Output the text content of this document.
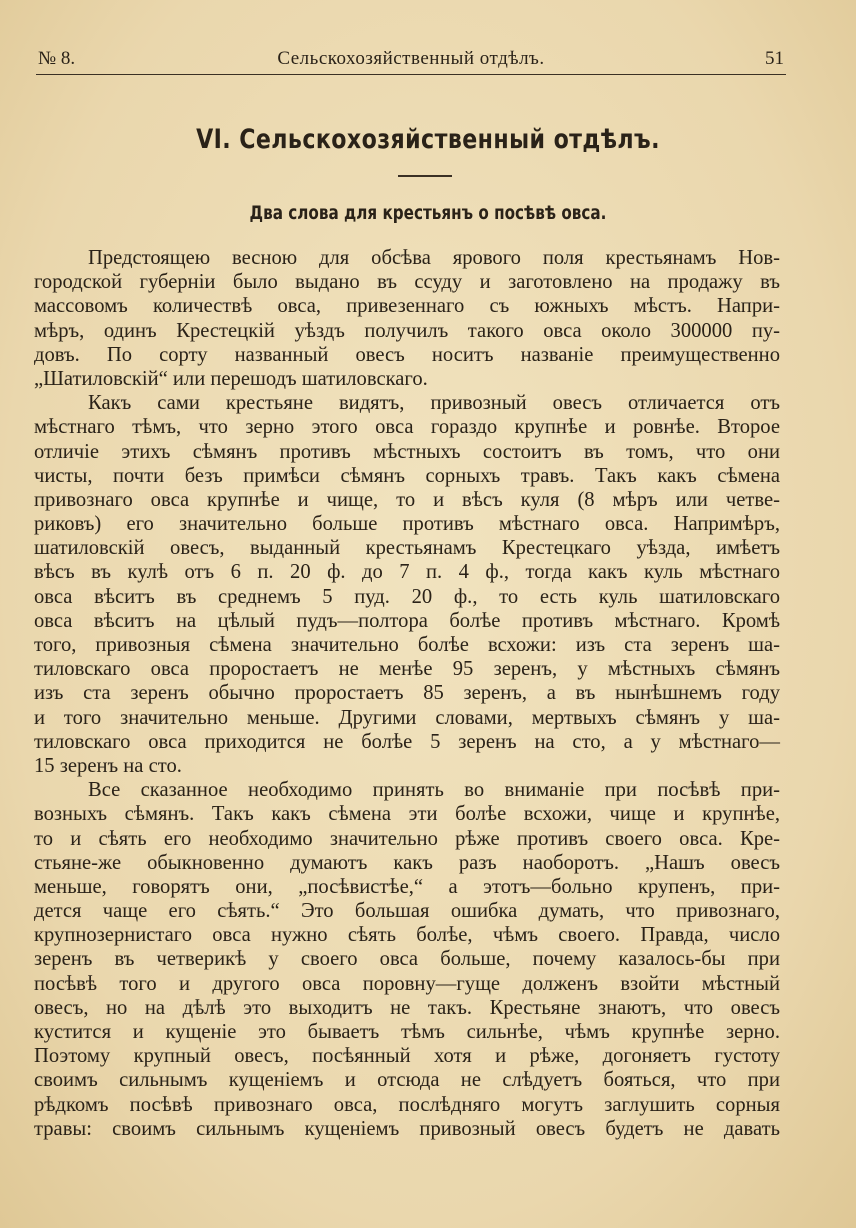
№ 8.	Сельскохозяйственный отдѣлъ.	51
VI. Сельскохозяйственный отдѣлъ.
Два слова для крестьянъ о посѣвѣ овса.
Предстоящею весною для обсѣва ярового поля крестьянамъ Нов-
городской губерніи было выдано въ ссуду и заготовлено на продажу въ
массовомъ количествѣ овса, привезеннаго съ южныхъ мѣстъ. Напри-
мѣръ, одинъ Крестецкій уѣздъ получилъ такого овса около 300000 пу-
довъ. По сорту названный овесъ носитъ названіе преимущественно
„Шатиловскій“ или перешодъ шатиловскаго.
Какъ сами крестьяне видятъ, привозный овесъ отличается отъ
мѣстнаго тѣмъ, что зерно этого овса гораздо крупнѣе и ровнѣе. Второе
отличіе этихъ сѣмянъ противъ мѣстныхъ состоитъ въ томъ, что они
чисты, почти безъ примѣси сѣмянъ сорныхъ травъ. Такъ какъ сѣмена
привознаго овса крупнѣе и чище, то и вѣсъ куля (8 мѣръ или четве-
риковъ) его значительно больше противъ мѣстнаго овса. Напримѣръ,
шатиловскій овесъ, выданный крестьянамъ Крестецкаго уѣзда, имѣетъ
вѣсъ въ кулѣ отъ 6 п. 20 ф. до 7 п. 4 ф., тогда какъ куль мѣстнаго
овса вѣситъ въ среднемъ 5 пуд. 20 ф., то есть куль шатиловскаго
овса вѣситъ на цѣлый пудъ—полтора болѣе противъ мѣстнаго. Кромѣ
того, привозныя сѣмена значительно болѣе всхожи: изъ ста зеренъ ша-
тиловскаго овса проростаетъ не менѣе 95 зеренъ, у мѣстныхъ сѣмянъ
изъ ста зеренъ обычно проростаетъ 85 зеренъ, а въ нынѣшнемъ году
и того значительно меньше. Другими словами, мертвыхъ сѣмянъ у ша-
тиловскаго овса приходится не болѣе 5 зеренъ на сто, а у мѣстнаго—
15 зеренъ на сто.
Все сказанное необходимо принять во вниманіе при посѣвѣ при-
возныхъ сѣмянъ. Такъ какъ сѣмена эти болѣе всхожи, чище и крупнѣе,
то и сѣять его необходимо значительно рѣже противъ своего овса. Кре-
стьяне-же обыкновенно думаютъ какъ разъ наоборотъ. „Нашъ овесъ
меньше, говорятъ они, „посѣвистѣе,“ а этотъ—больно крупенъ, при-
дется чаще его сѣять.“ Это большая ошибка думать, что привознаго,
крупнозернистаго овса нужно сѣять болѣе, чѣмъ своего. Правда, число
зеренъ въ четверикѣ у своего овса больше, почему казалось-бы при
посѣвѣ того и другого овса поровну—гуще долженъ взойти мѣстный
овесъ, но на дѣлѣ это выходитъ не такъ. Крестьяне знаютъ, что овесъ
кустится и кущеніе это бываетъ тѣмъ сильнѣе, чѣмъ крупнѣе зерно.
Поэтому крупный овесъ, посѣянный хотя и рѣже, догоняетъ густоту
своимъ сильнымъ кущеніемъ и отсюда не слѣдуетъ бояться, что при
рѣдкомъ посѣвѣ привознаго овса, послѣдняго могутъ заглушить сорныя
травы: своимъ сильнымъ кущеніемъ привозный овесъ будетъ не давать
